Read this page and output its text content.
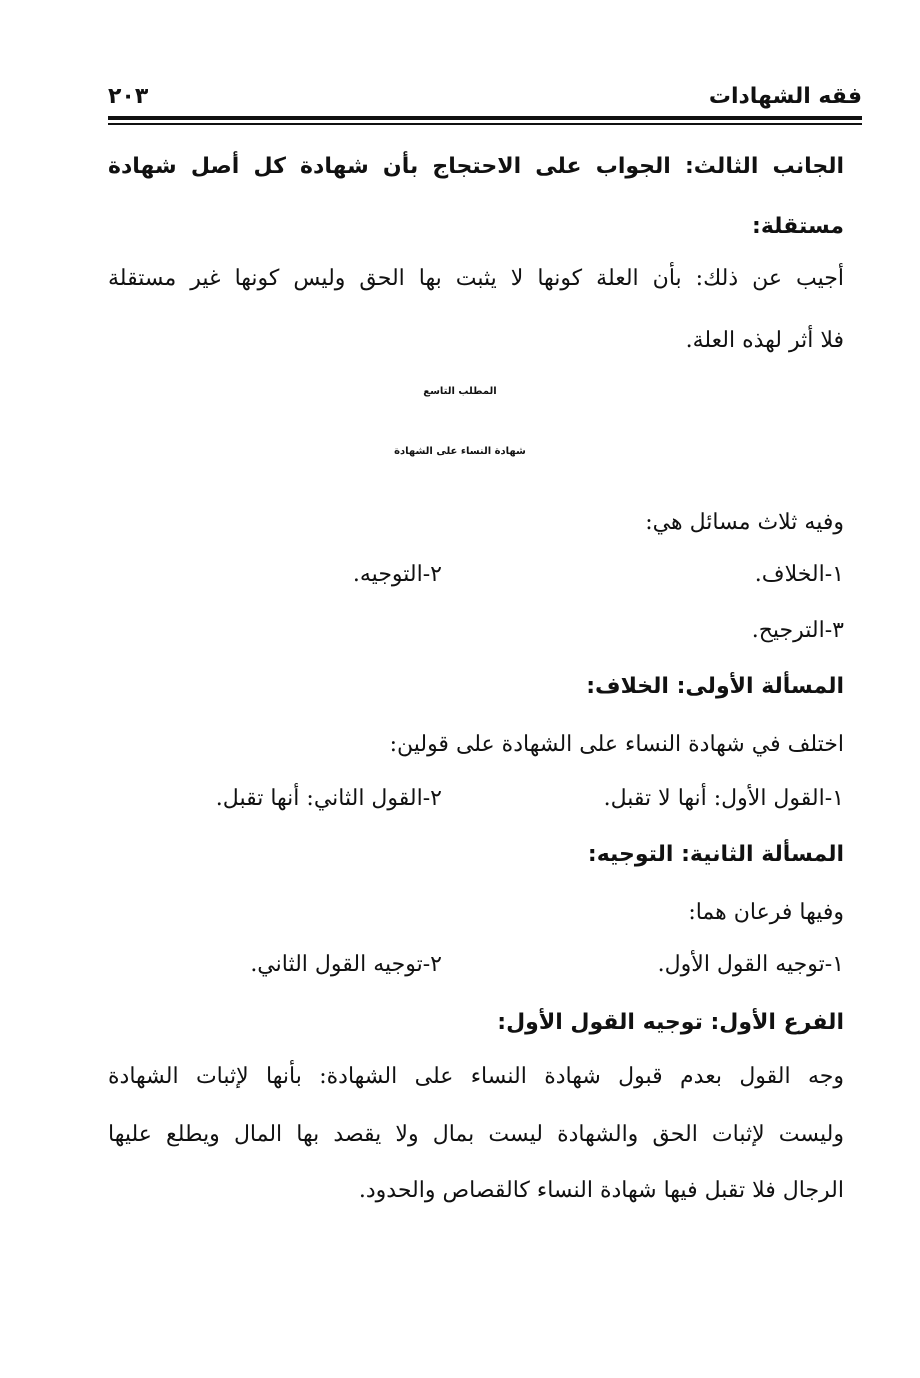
فقه الشهادات
٢٠٣
الجانب الثالث: الجواب على الاحتجاج بأن شهادة كل أصل شهادة
مستقلة:
أجيب عن ذلك: بأن العلة كونها لا يثبت بها الحق وليس كونها غير مستقلة
فلا أثر لهذه العلة.
المطلب التاسع
شهادة النساء على الشهادة
وفيه ثلاث مسائل هي:
١-الخلاف.
٢-التوجيه.
٣-الترجيح.
المسألة الأولى: الخلاف:
اختلف في شهادة النساء على الشهادة على قولين:
١-القول الأول: أنها لا تقبل.
٢-القول الثاني: أنها تقبل.
المسألة الثانية: التوجيه:
وفيها فرعان هما:
١-توجيه القول الأول.
٢-توجيه القول الثاني.
الفرع الأول: توجيه القول الأول:
وجه القول بعدم قبول شهادة النساء على الشهادة: بأنها لإثبات الشهادة
وليست لإثبات الحق والشهادة ليست بمال ولا يقصد بها المال ويطلع عليها
الرجال فلا تقبل فيها شهادة النساء كالقصاص والحدود.
